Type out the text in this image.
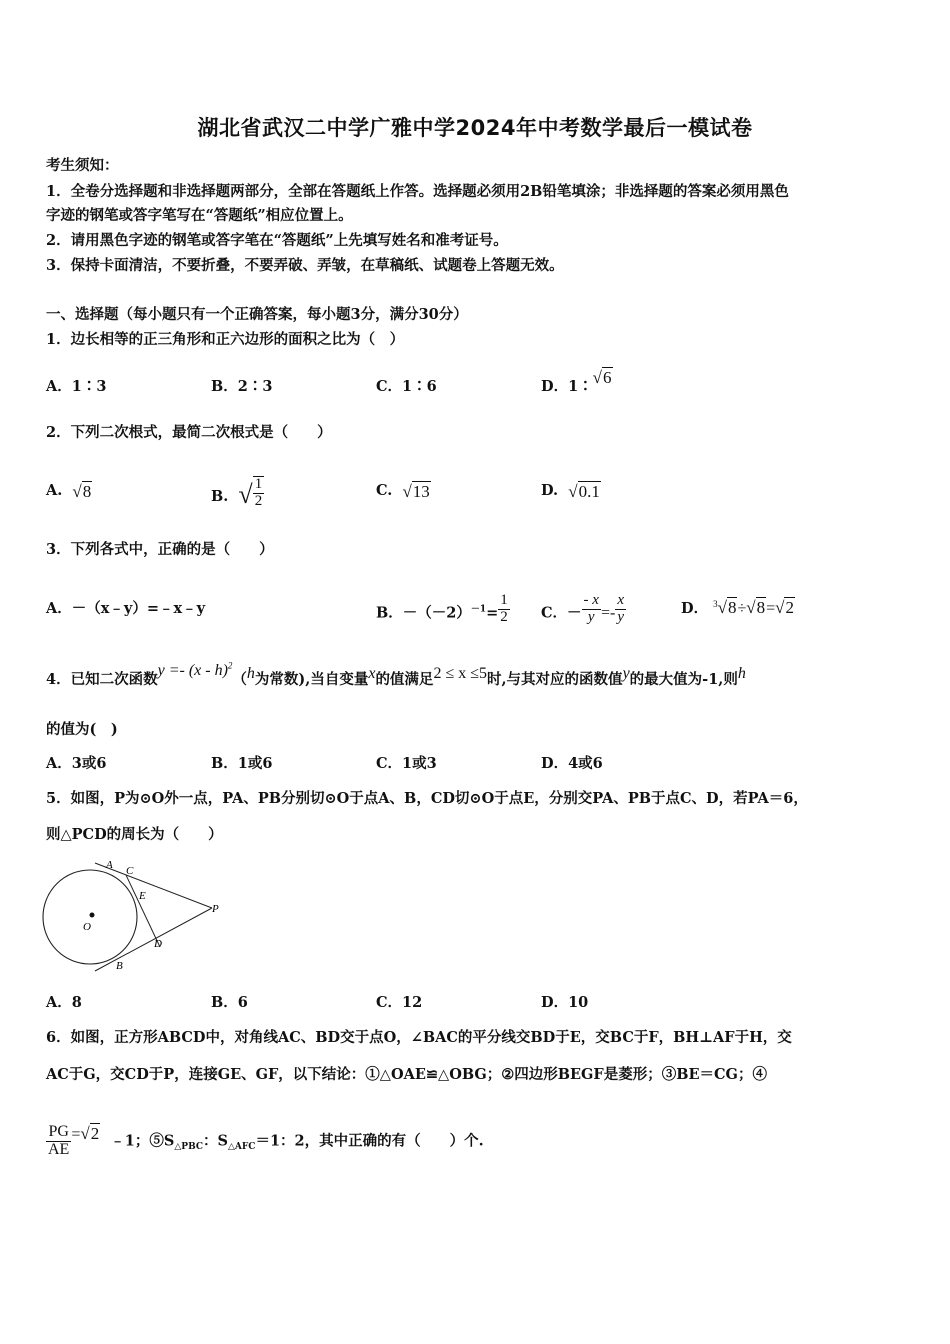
湖北省武汉二中学广雅中学2024年中考数学最后一模试卷
考生须知：
1．全卷分选择题和非选择题两部分，全部在答题纸上作答。选择题必须用2B铅笔填涂；非选择题的答案必须用黑色
字迹的钢笔或答字笔写在“答题纸”相应位置上。
2．请用黑色字迹的钢笔或答字笔在“答题纸”上先填写姓名和准考证号。
3．保持卡面清洁，不要折叠，不要弄破、弄皱，在草稿纸、试题卷上答题无效。
一、选择题（每小题只有一个正确答案，每小题3分，满分30分）
1．边长相等的正三角形和正六边形的面积之比为（　）
A．1∶3	B．2∶3	C．1∶6	D．1∶√6
2．下列二次根式，最简二次根式是（　　）
A. √8	B. √ $\frac{1}{2}$	C. √13	D. √0.1
3．下列各式中，正确的是（　　）
A．－（x﹣y）=﹣x﹣y	B．$-(-2)^{-1}= \frac{1}{2}$ C．－ $\frac{- x}{y} =- \frac{x}{y}$	D． $^3$√8÷√8=√2
4．已知二次函数y =- (x - h)$^2$（h为常数),当自变量x的值满足2 ≤ x ≤5时,与其对应的函数值y的最大值为-1,则h
的值为(　)
A．3或6	B．1或6	C．1或3	D．4或6
5．如图，P为⊙O外一点，PA、PB分别切⊙O于点A、B，CD切⊙O于点E，分别交PA、PB于点C、D，若PA＝6，
则△PCD的周长为（　　）
A C
E
O
P
D
B
A．8	B．6	C．12	D．10
6．如图，正方形ABCD中，对角线AC、BD交于点O，∠BAC的平分线交BD于E，交BC于F，BH⊥AF于H，交
AC于G，交CD于P，连接GE、GF，以下结论：①△OAE≌△OBG；②四边形BEGF是菱形；③BE＝CG；④
$\frac{PG}{AE} =√2$ ﹣1；$⑤S_{\triangle PBC}$：$S_{\triangle AFC}=1$：2，其中正确的有（　　）个.
